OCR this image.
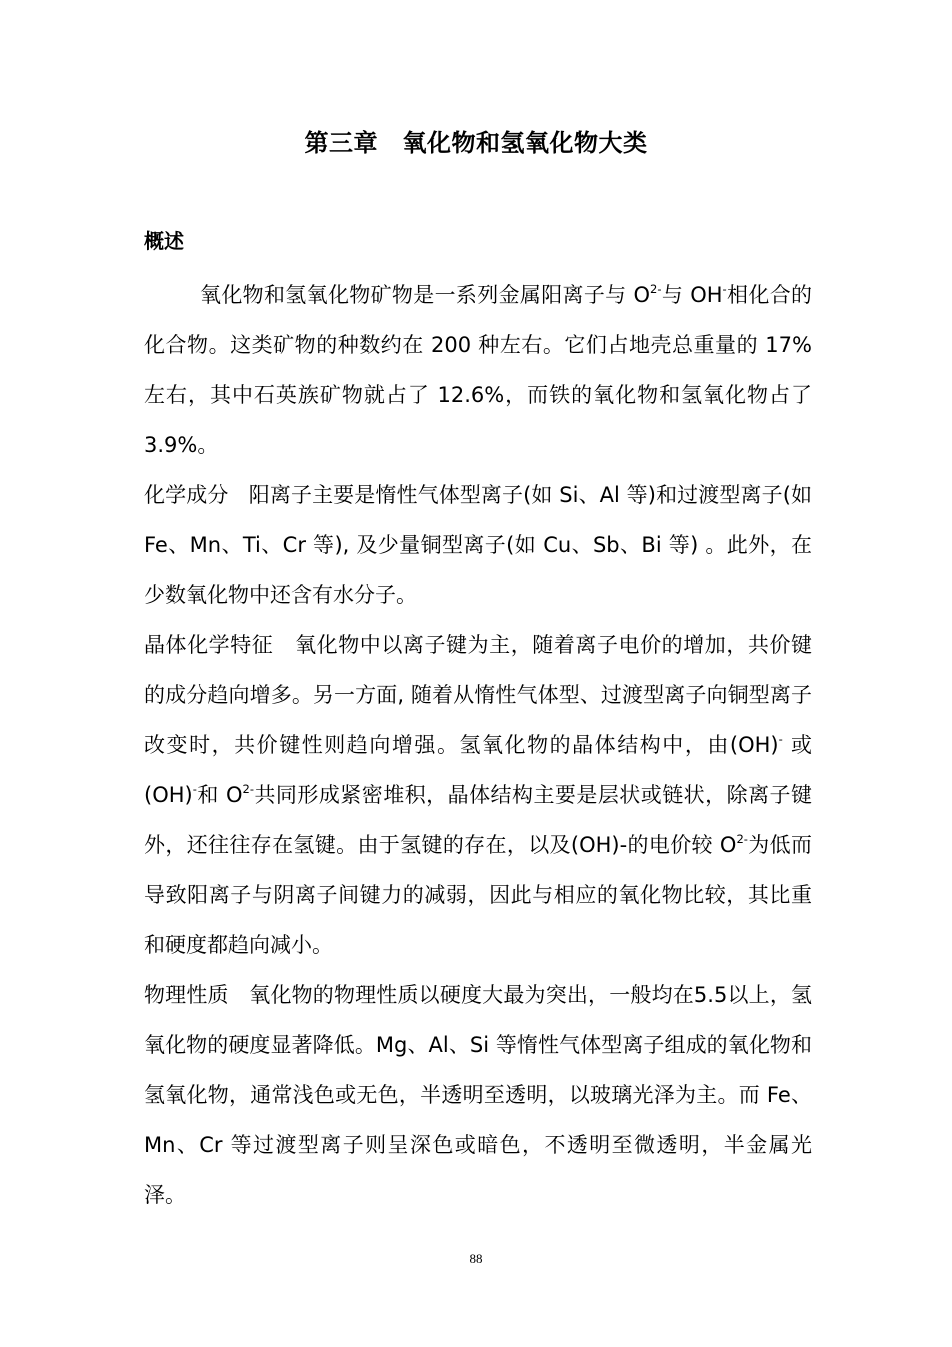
第三章　氧化物和氢氧化物大类
概述

氧化物和氢氧化物矿物是一系列金属阳离子与 $O^{2-}$与 OH-相化合的化合物。这类矿物的种数约在 200 种左右。它们占地壳总重量的 17%左右，其中石英族矿物就占了 12.6%，而铁的氧化物和氢氧化物占了 3.9%。

化学成分 阳离子主要是惰性气体型离子(如 Si、Al 等)和过渡型离子(如 Fe、Mn、Ti、Cr 等), 及少量铜型离子(如 Cu、Sb、Bi 等) 。此外，在少数氧化物中还含有水分子。

晶体化学特征 氧化物中以离子键为主，随着离子电价的增加，共价键的成分趋向增多。另一方面, 随着从惰性气体型、过渡型离子向铜型离子改变时，共价键性则趋向增强。氢氧化物的晶体结构中，由(OH)- 或(OH)-和 $O^{2-}$共同形成紧密堆积，晶体结构主要是层状或链状，除离子键外，还往往存在氢键。由于氢键的存在，以及(OH)-的电价较 $O^{2-}$为低而导致阳离子与阴离子间键力的减弱，因此与相应的氧化物比较，其比重和硬度都趋向减小。

物理性质 氧化物的物理性质以硬度大最为突出，一般均在5.5以上，氢氧化物的硬度显著降低。Mg、Al、Si 等惰性气体型离子组成的氧化物和氢氧化物，通常浅色或无色，半透明至透明，以玻璃光泽为主。而 Fe、Mn、Cr 等过渡型离子则呈深色或暗色，不透明至微透明，半金属光泽。

88
